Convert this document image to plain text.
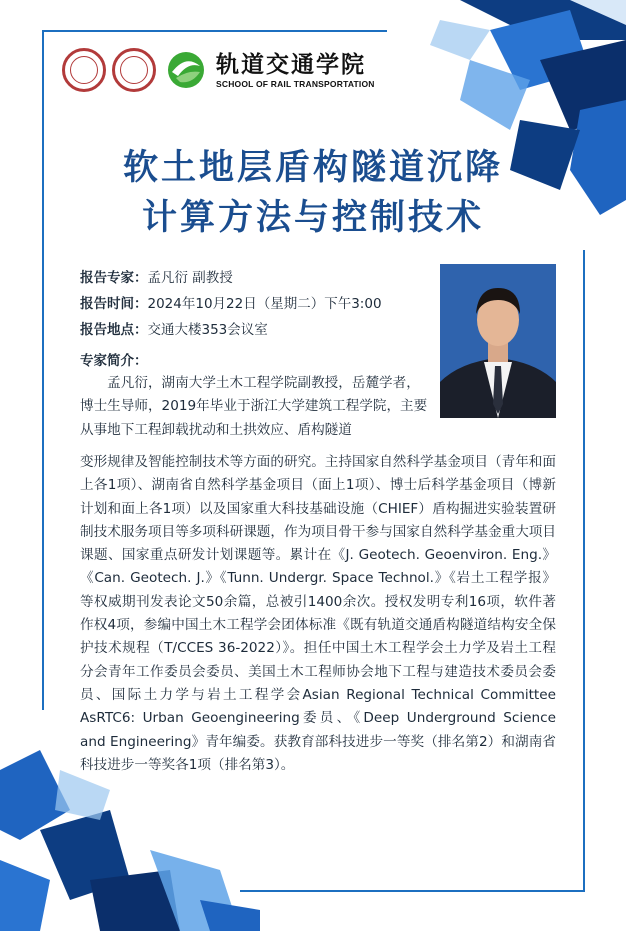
轨道交通学院
SCHOOL OF RAIL TRANSPORTATION
软土地层盾构隧道沉降
计算方法与控制技术
报告专家：孟凡衍 副教授
报告时间：2024年10月22日（星期二）下午3:00
报告地点：交通大楼353会议室
专家简介：
　　孟凡衍，湖南大学土木工程学院副教授，岳麓学者，博士生导师，2019年毕业于浙江大学建筑工程学院，主要从事地下工程卸载扰动和土拱效应、盾构隧道
变形规律及智能控制技术等方面的研究。主持国家自然科学基金项目（青年和面上各1项）、湖南省自然科学基金项目（面上1项）、博士后科学基金项目（博新计划和面上各1项）以及国家重大科技基础设施（CHIEF）盾构掘进实验装置研制技术服务项目等多项科研课题，作为项目骨干参与国家自然科学基金重大项目课题、国家重点研发计划课题等。累计在《J. Geotech. Geoenviron. Eng.》《Can. Geotech. J.》《Tunn. Undergr. Space Technol.》《岩土工程学报》等权威期刊发表论文50余篇，总被引1400余次。授权发明专利16项，软件著作权4项，参编中国土木工程学会团体标准《既有轨道交通盾构隧道结构安全保护技术规程（T/CCES 36-2022）》。担任中国土木工程学会土力学及岩土工程分会青年工作委员会委员、美国土木工程师协会地下工程与建造技术委员会委员、国际土力学与岩土工程学会Asian Regional Technical Committee AsRTC6: Urban Geoengineering委员、《Deep Underground Science and Engineering》青年编委。获教育部科技进步一等奖（排名第2）和湖南省科技进步一等奖各1项（排名第3）。
